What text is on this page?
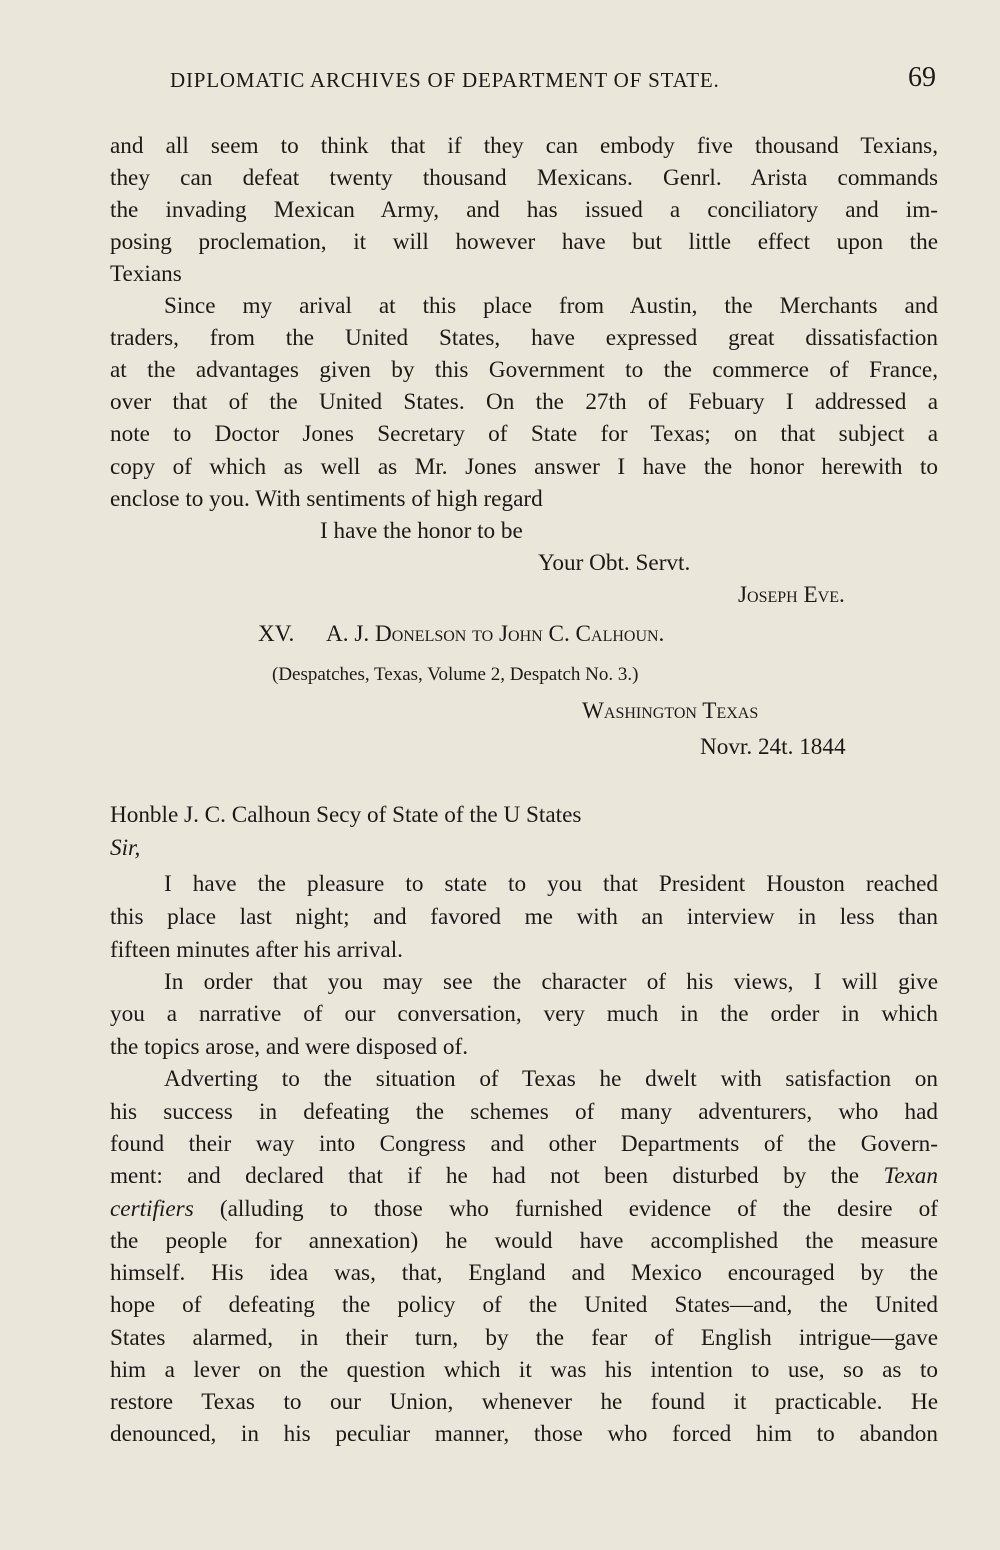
DIPLOMATIC ARCHIVES OF DEPARTMENT OF STATE.	69
and all seem to think that if they can embody five thousand Texians,
they can defeat twenty thousand Mexicans. Genrl. Arista commands
the invading Mexican Army, and has issued a conciliatory and im-
posing proclemation, it will however have but little effect upon the
Texians
Since my arival at this place from Austin, the Merchants and
traders, from the United States, have expressed great dissatisfaction
at the advantages given by this Government to the commerce of France,
over that of the United States. On the 27th of Febuary I addressed a
note to Doctor Jones Secretary of State for Texas; on that subject a
copy of which as well as Mr. Jones answer I have the honor herewith to
enclose to you. With sentiments of high regard
I have the honor to be
Your Obt. Servt.
Joseph Eve.
XV.	A. J. Donelson to John C. Calhoun.
(Despatches, Texas, Volume 2, Despatch No. 3.)
Washington Texas
Novr. 24t. 1844
Honble J. C. Calhoun Secy of State of the U States
Sir,
I have the pleasure to state to you that President Houston reached
this place last night; and favored me with an interview in less than
fifteen minutes after his arrival.
In order that you may see the character of his views, I will give
you a narrative of our conversation, very much in the order in which
the topics arose, and were disposed of.
Adverting to the situation of Texas he dwelt with satisfaction on
his success in defeating the schemes of many adventurers, who had
found their way into Congress and other Departments of the Govern-
ment: and declared that if he had not been disturbed by the Texan
certifiers (alluding to those who furnished evidence of the desire of
the people for annexation) he would have accomplished the measure
himself. His idea was, that, England and Mexico encouraged by the
hope of defeating the policy of the United States—and, the United
States alarmed, in their turn, by the fear of English intrigue—gave
him a lever on the question which it was his intention to use, so as to
restore Texas to our Union, whenever he found it practicable. He
denounced, in his peculiar manner, those who forced him to abandon
